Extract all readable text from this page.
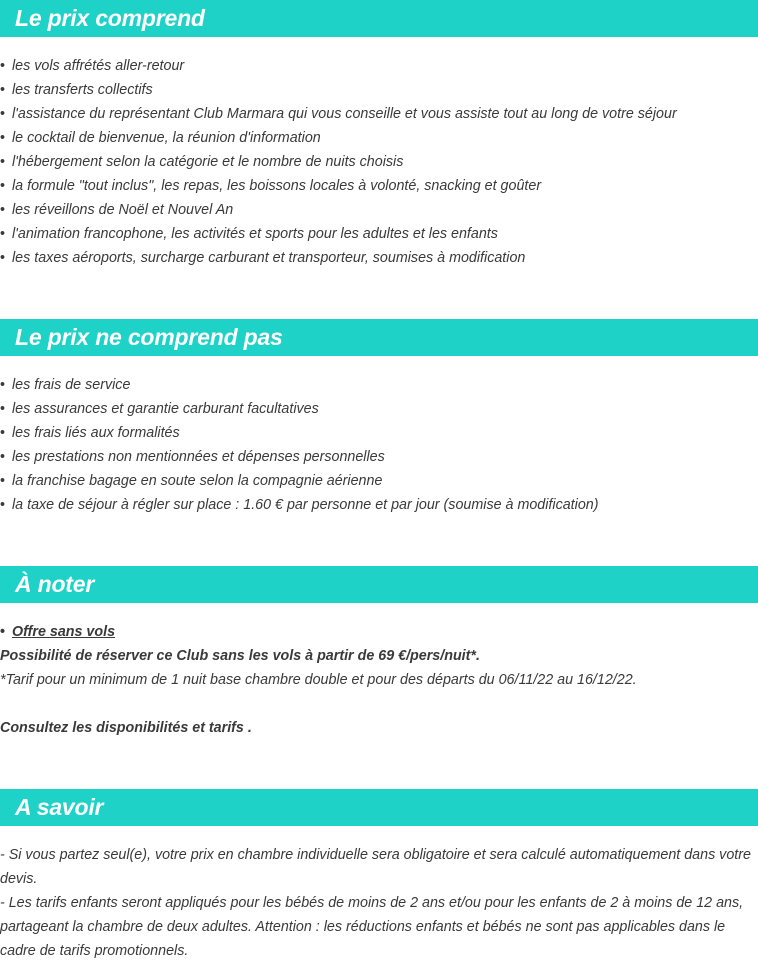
Le prix comprend
• les vols affrétés aller-retour
• les transferts collectifs
• l'assistance du représentant Club Marmara qui vous conseille et vous assiste tout au long de votre séjour
• le cocktail de bienvenue, la réunion d'information
• l'hébergement selon la catégorie et le nombre de nuits choisis
• la formule "tout inclus", les repas, les boissons locales à volonté, snacking et goûter
• les réveillons de Noël et Nouvel An
• l'animation francophone, les activités et sports pour les adultes et les enfants
• les taxes aéroports, surcharge carburant et transporteur, soumises à modification
Le prix ne comprend pas
• les frais de service
• les assurances et garantie carburant facultatives
• les frais liés aux formalités
• les prestations non mentionnées et dépenses personnelles
• la franchise bagage en soute selon la compagnie aérienne
• la taxe de séjour à régler sur place : 1.60 € par personne et par jour (soumise à modification)
À noter
• Offre sans vols
Possibilité de réserver ce Club sans les vols à partir de 69 €/pers/nuit*.
*Tarif pour un minimum de 1 nuit base chambre double et pour des départs du 06/11/22 au 16/12/22.
Consultez les disponibilités et tarifs .
A savoir
- Si vous partez seul(e), votre prix en chambre individuelle sera obligatoire et sera calculé automatiquement dans votre devis.
- Les tarifs enfants seront appliqués pour les bébés de moins de 2 ans et/ou pour les enfants de 2 à moins de 12 ans, partageant la chambre de deux adultes. Attention : les réductions enfants et bébés ne sont pas applicables dans le cadre de tarifs promotionnels.
